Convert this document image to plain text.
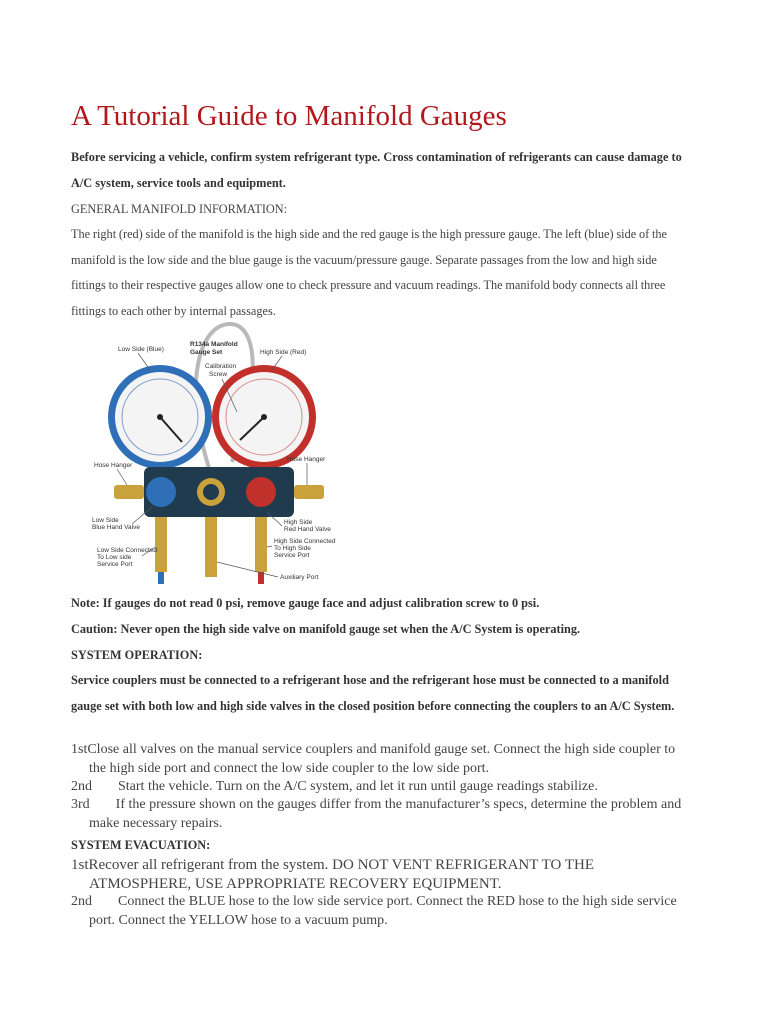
A Tutorial Guide to Manifold Gauges

Before servicing a vehicle, confirm system refrigerant type. Cross contamination of refrigerants can cause damage to A/C system, service tools and equipment.

GENERAL MANIFOLD INFORMATION:

The right (red) side of the manifold is the high side and the red gauge is the high pressure gauge. The left (blue) side of the manifold is the low side and the blue gauge is the vacuum/pressure gauge. Separate passages from the low and high side fittings to their respective gauges allow one to check pressure and vacuum readings. The manifold body connects all three fittings to each other by internal passages.

Low Side (Blue)
R134a Manifold
Gauge Set
Calibration
Screw
High Side (Red)
Hose Hanger
Hose Hanger
Low Side
Blue Hand Valve
Low Side Connected
To Low side
Service Port
High Side
Red Hand Valve
High Side Connected
To High Side
Service Port
Auxiliary Port

Note: If gauges do not read 0 psi, remove gauge face and adjust calibration screw to 0 psi.

Caution: Never open the high side valve on manifold gauge set when the A/C System is operating.

SYSTEM OPERATION:

Service couplers must be connected to a refrigerant hose and the refrigerant hose must be connected to a manifold gauge set with both low and high side valves in the closed position before connecting the couplers to an A/C System.

1stClose all valves on the manual service couplers and manifold gauge set. Connect the high side coupler to the high side port and connect the low side coupler to the low side port.
2nd Start the vehicle. Turn on the A/C system, and let it run until gauge readings stabilize.
3rd If the pressure shown on the gauges differ from the manufacturer’s specs, determine the problem and make necessary repairs.

SYSTEM EVACUATION:

1stRecover all refrigerant from the system. DO NOT VENT REFRIGERANT TO THE ATMOSPHERE, USE APPROPRIATE RECOVERY EQUIPMENT.
2nd Connect the BLUE hose to the low side service port. Connect the RED hose to the high side service port. Connect the YELLOW hose to a vacuum pump.
